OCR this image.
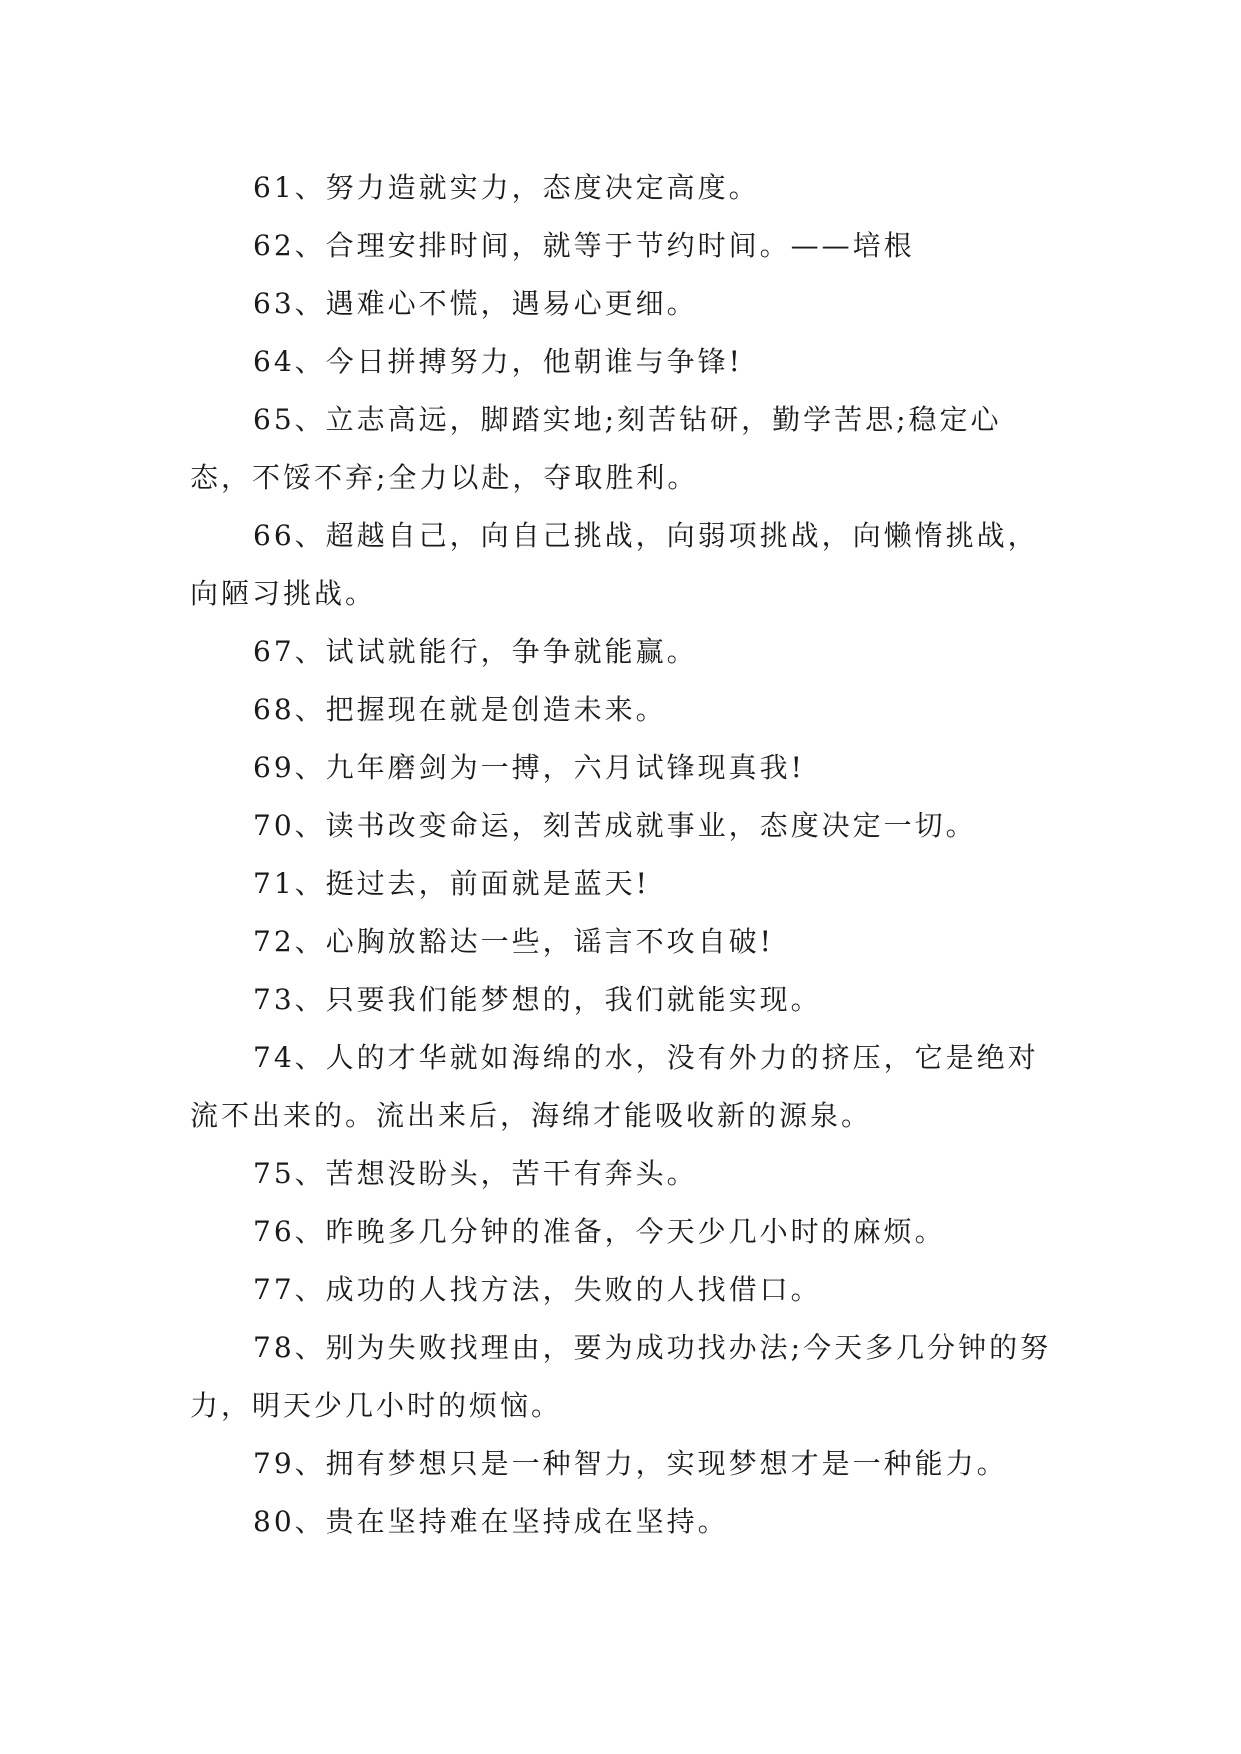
61、努力造就实力，态度决定高度。

62、合理安排时间，就等于节约时间。——培根

63、遇难心不慌，遇易心更细。

64、今日拼搏努力，他朝谁与争锋!

65、立志高远，脚踏实地;刻苦钻研，勤学苦思;稳定心态，不馁不弃;全力以赴，夺取胜利。

66、超越自己，向自己挑战，向弱项挑战，向懒惰挑战，向陋习挑战。

67、试试就能行，争争就能赢。

68、把握现在就是创造未来。

69、九年磨剑为一搏，六月试锋现真我!

70、读书改变命运，刻苦成就事业，态度决定一切。

71、挺过去，前面就是蓝天!

72、心胸放豁达一些，谣言不攻自破!

73、只要我们能梦想的，我们就能实现。

74、人的才华就如海绵的水，没有外力的挤压，它是绝对流不出来的。流出来后，海绵才能吸收新的源泉。

75、苦想没盼头，苦干有奔头。

76、昨晚多几分钟的准备，今天少几小时的麻烦。

77、成功的人找方法，失败的人找借口。

78、别为失败找理由，要为成功找办法;今天多几分钟的努力，明天少几小时的烦恼。

79、拥有梦想只是一种智力，实现梦想才是一种能力。

80、贵在坚持难在坚持成在坚持。
